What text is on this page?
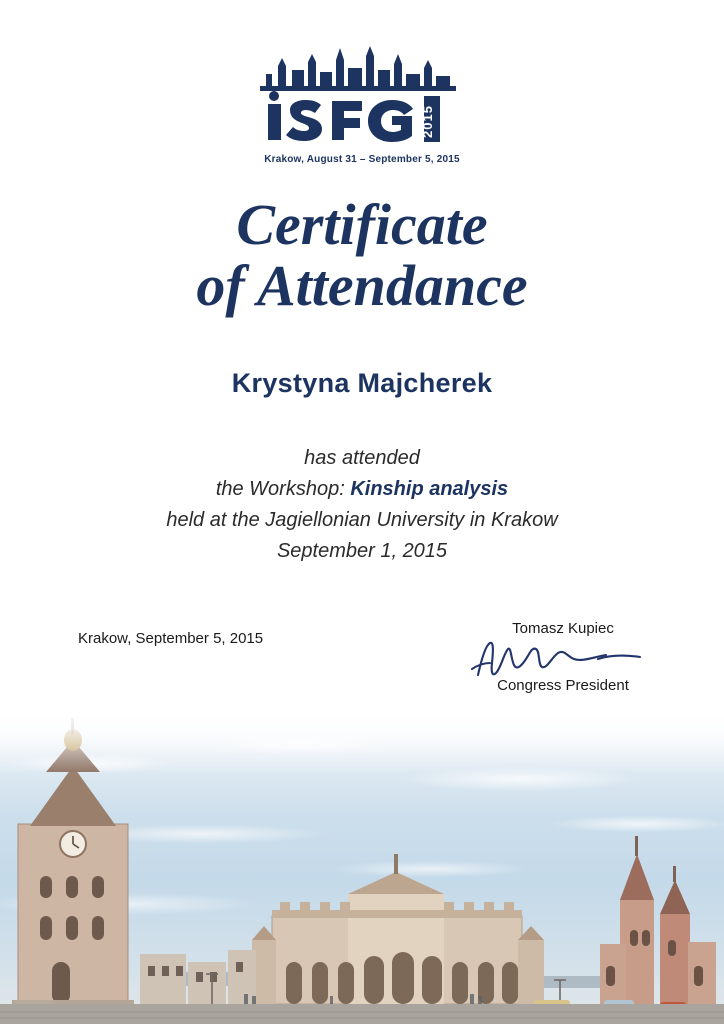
2015
Krakow, August 31 – September 5, 2015
Certificate
of Attendance
Krystyna Majcherek
has attended
the Workshop: Kinship analysis
held at the Jagiellonian University in Krakow
September 1, 2015
Krakow, September 5, 2015
Tomasz Kupiec
Congress President
